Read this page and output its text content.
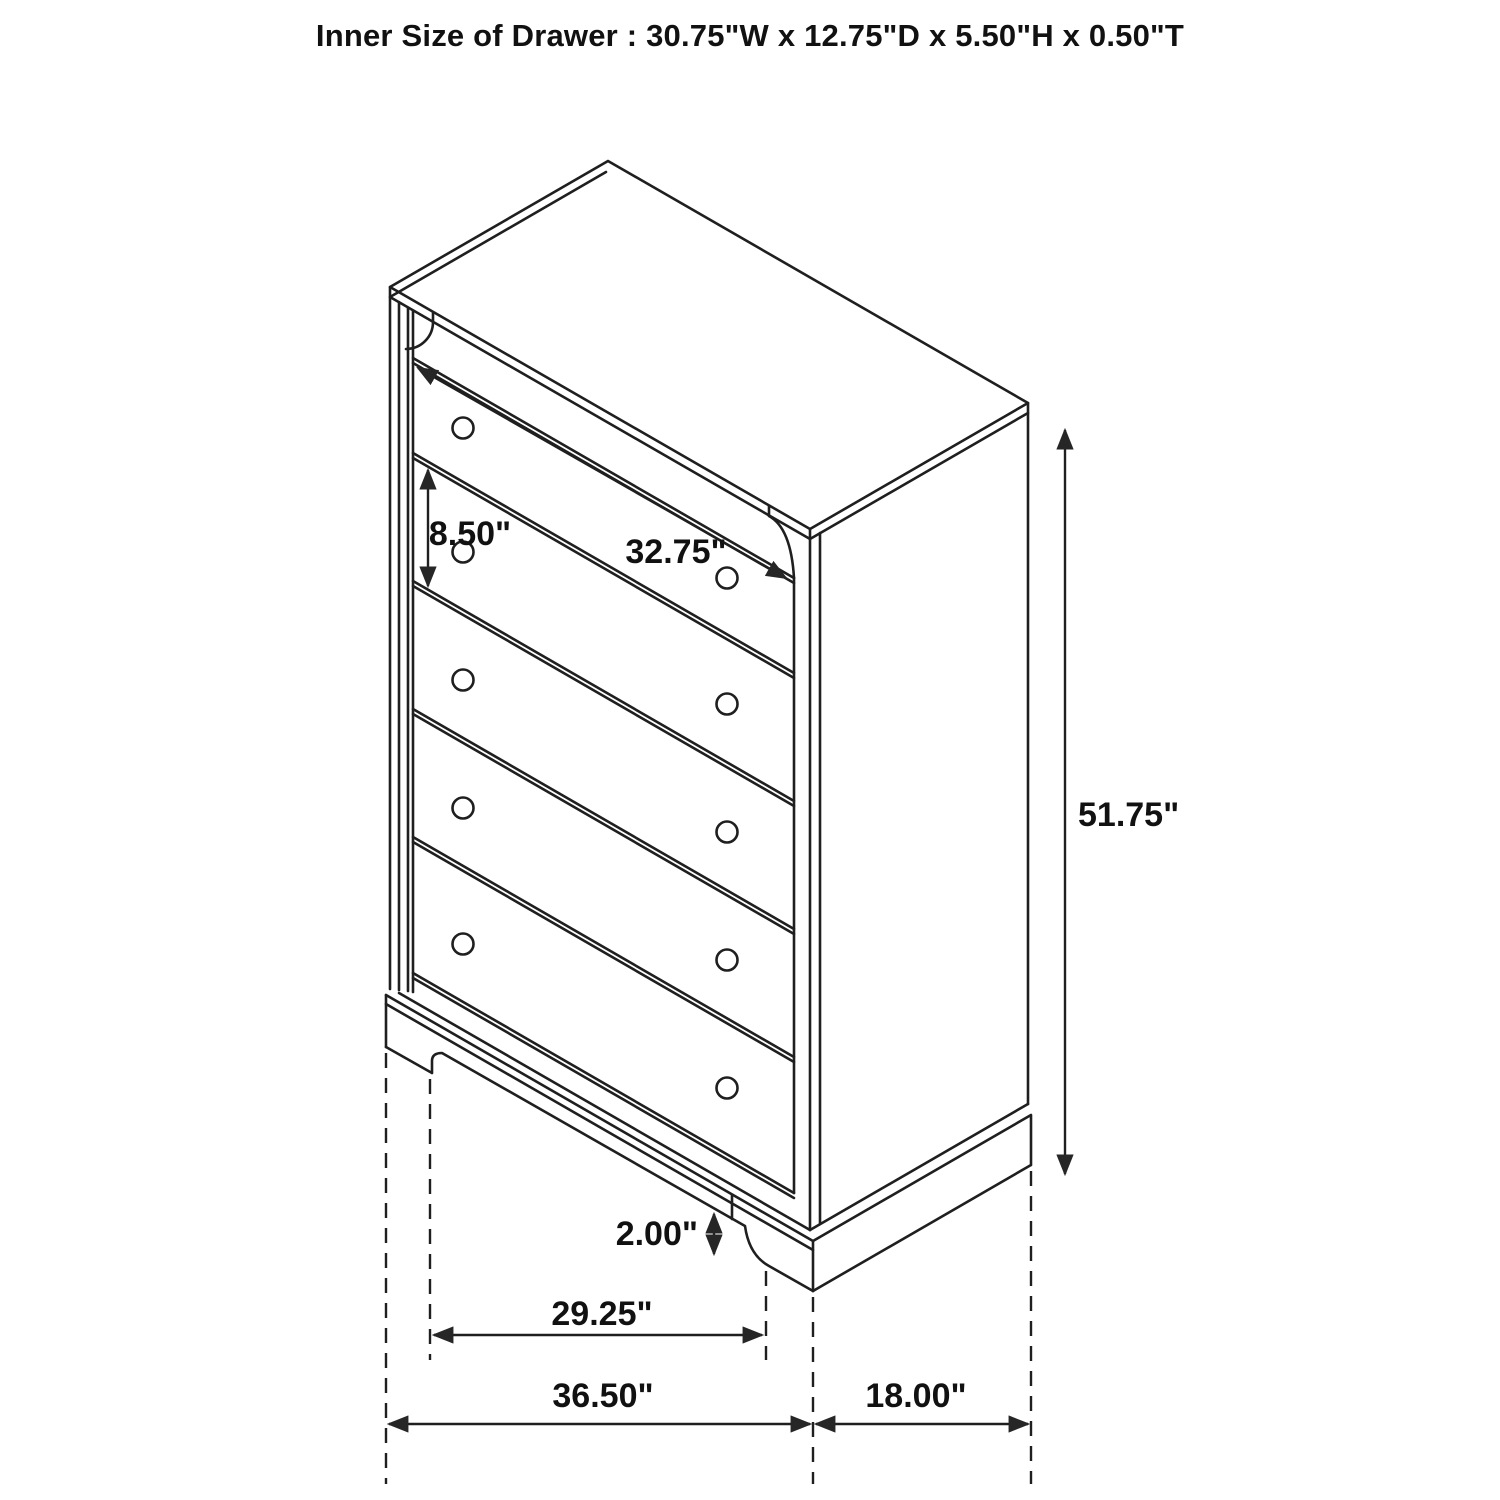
Inner Size of Drawer : 30.75"W x 12.75"D x 5.50"H x 0.50"T
8.50"	32.75"
51.75"
2.00"
29.25"
36.50"	18.00"
